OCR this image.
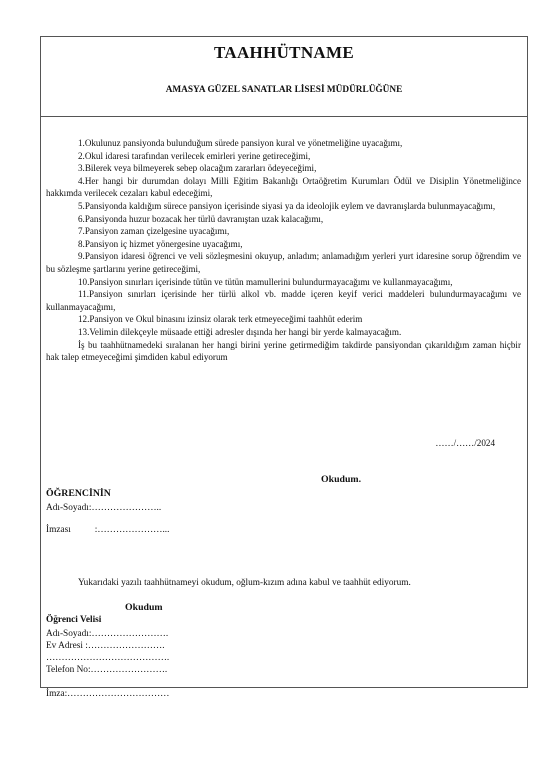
TAAHHÜTNAME
AMASYA GÜZEL SANATLAR LİSESİ MÜDÜRLÜĞÜNE

1.Okulunuz pansiyonda bulunduğum sürede pansiyon kural ve yönetmeliğine uyacağımı,

2.Okul idaresi tarafından verilecek emirleri yerine getireceğimi,

3.Bilerek veya bilmeyerek sebep olacağım zararları ödeyeceğimi,

4.Her hangi bir durumdan dolayı Milli Eğitim Bakanlığı Ortaöğretim Kurumları Ödül ve Disiplin Yönetmeliğince hakkımda verilecek cezaları kabul edeceğimi,

5.Pansiyonda kaldığım sürece pansiyon içerisinde siyasi ya da ideolojik eylem ve davranışlarda bulunmayacağımı,

6.Pansiyonda huzur bozacak her türlü davranıştan uzak kalacağımı,

7.Pansiyon zaman çizelgesine uyacağımı,

8.Pansiyon iç hizmet yönergesine uyacağımı,

9.Pansiyon idaresi öğrenci ve veli sözleşmesini okuyup, anladım; anlamadığım yerleri yurt idaresine sorup öğrendim ve bu sözleşme şartlarını yerine getireceğimi,

10.Pansiyon sınırları içerisinde tütün ve tütün mamullerini bulundurmayacağımı ve kullanmayacağımı,

11.Pansiyon sınırları içerisinde her türlü alkol vb. madde içeren keyif verici maddeleri bulundurmayacağımı ve kullanmayacağımı,

12.Pansiyon ve Okul binasını izinsiz olarak terk etmeyeceğimi taahhüt ederim

13.Velimin dilekçeyle müsaade ettiği adresler dışında her hangi bir yerde kalmayacağım.

İş bu taahhütnamedeki sıralanan her hangi birini yerine getirmediğim takdirde pansiyondan çıkarıldığım zaman hiçbir hak talep etmeyeceğimi şimdiden kabul ediyorum

……/……/2024
Okudum.
ÖĞRENCİNİN
Adı-Soyadı:…………………..
İmzası	:…………………...
Yukarıdaki yazılı taahhütnameyi okudum, oğlum-kızım adına kabul ve taahhüt ediyorum.
Okudum
Öğrenci Velisi
Adı-Soyadı:…………………….
Ev Adresi :…………………….
………………………………….
Telefon No:…………………….
İmza:……………………………
